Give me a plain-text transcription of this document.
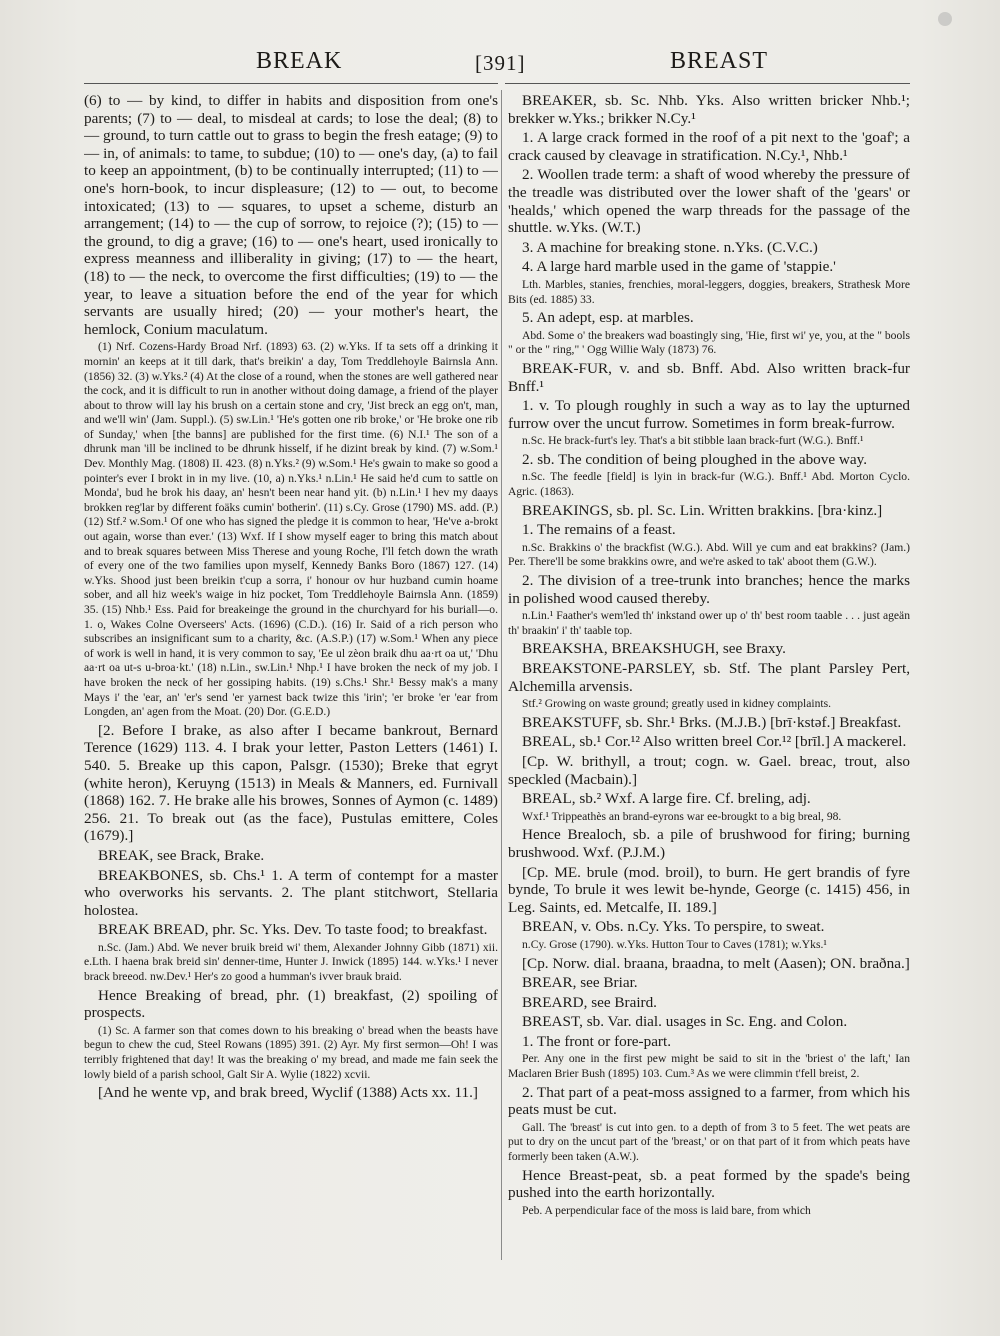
BREAK	[391]	BREAST

(6) to — by kind, to differ in habits and disposition from one's parents; (7) to — deal, to misdeal at cards; to lose the deal; (8) to — ground, to turn cattle out to grass to begin the fresh eatage; (9) to — in, of animals: to tame, to subdue; (10) to — one's day, (a) to fail to keep an appointment, (b) to be continually interrupted; (11) to — one's horn-book, to incur displeasure; (12) to — out, to become intoxicated; (13) to — squares, to upset a scheme, disturb an arrangement; (14) to — the cup of sorrow, to rejoice (?); (15) to — the ground, to dig a grave; (16) to — one's heart, used ironically to express meanness and illiberality in giving; (17) to — the heart, (18) to — the neck, to overcome the first difficulties; (19) to — the year, to leave a situation before the end of the year for which servants are usually hired; (20) — your mother's heart, the hemlock, Conium maculatum.

(1) Nrf. Cozens-Hardy Broad Nrf. (1893) 63. (2) w.Yks. If ta sets off a drinking it mornin' an keeps at it till dark, that's breikin' a day, Tom Treddlehoyle Bairnsla Ann. (1856) 32. (3) w.Yks.² (4) At the close of a round, when the stones are well gathered near the cock, and it is difficult to run in another without doing damage, a friend of the player about to throw will lay his brush on a certain stone and cry, 'Jist breck an egg on't, man, and we'll win' (Jam. Suppl.). (5) sw.Lin.¹ 'He's gotten one rib broke,' or 'He broke one rib of Sunday,' when [the banns] are published for the first time. (6) N.I.¹ The son of a dhrunk man 'ill be inclined to be dhrunk hisself, if he dizint break by kind. (7) w.Som.¹ Dev. Monthly Mag. (1808) II. 423. (8) n.Yks.² (9) w.Som.¹ He's gwain to make so good a pointer's ever I brokt in in my live. (10, a) n.Yks.¹ n.Lin.¹ He said he'd cum to sattle on Monda', bud he brok his daay, an' hesn't been near hand yit. (b) n.Lin.¹ I hev my daays brokken reg'lar by different foäks cumin' botherin'. (11) s.Cy. Grose (1790) MS. add. (P.) (12) Stf.² w.Som.¹ Of one who has signed the pledge it is common to hear, 'He've a-brokt out again, worse than ever.' (13) Wxf. If I show myself eager to bring this match about and to break squares between Miss Therese and young Roche, I'll fetch down the wrath of every one of the two families upon myself, Kennedy Banks Boro (1867) 127. (14) w.Yks. Shood just been breikin t'cup a sorra, i' honour ov hur huzband cumin hoame sober, and all hiz week's waige in hiz pocket, Tom Treddlehoyle Bairnsla Ann. (1859) 35. (15) Nhb.¹ Ess. Paid for breakeinge the ground in the churchyard for his buriall—o. 1. o, Wakes Colne Overseers' Acts. (1696) (C.D.). (16) Ir. Said of a rich person who subscribes an insignificant sum to a charity, &c. (A.S.P.) (17) w.Som.¹ When any piece of work is well in hand, it is very common to say, 'Ee ul zèon braik dhu aa·rt oa ut,' 'Dhu aa·rt oa ut-s u-broa·kt.' (18) n.Lin., sw.Lin.¹ Nhp.¹ I have broken the neck of my job. I have broken the neck of her gossiping habits. (19) s.Chs.¹ Shr.¹ Bessy mak's a many Mays i' the 'ear, an' 'er's send 'er yarnest back twize this 'irin'; 'er broke 'er 'ear from Longden, an' agen from the Moat. (20) Dor. (G.E.D.)

[2. Before I brake, as also after I became bankrout, Bernard Terence (1629) 113. 4. I brak your letter, Paston Letters (1461) I. 540. 5. Breake up this capon, Palsgr. (1530); Breke that egryt (white heron), Keruyng (1513) in Meals & Manners, ed. Furnivall (1868) 162. 7. He brake alle his browes, Sonnes of Aymon (c. 1489) 256. 21. To break out (as the face), Pustulas emittere, Coles (1679).]

BREAK, see Brack, Brake.

BREAKBONES, sb. Chs.¹ 1. A term of contempt for a master who overworks his servants. 2. The plant stitchwort, Stellaria holostea.

BREAK BREAD, phr. Sc. Yks. Dev. To taste food; to breakfast.

n.Sc. (Jam.) Abd. We never bruik breid wi' them, Alexander Johnny Gibb (1871) xii. e.Lth. I haena brak breid sin' denner-time, Hunter J. Inwick (1895) 144. w.Yks.¹ I never brack breeod. nw.Dev.¹ Her's zo good a humman's ivver brauk braid.

Hence Breaking of bread, phr. (1) breakfast, (2) spoiling of prospects.

(1) Sc. A farmer son that comes down to his breaking o' bread when the beasts have begun to chew the cud, Steel Rowans (1895) 391. (2) Ayr. My first sermon—Oh! I was terribly frightened that day! It was the breaking o' my bread, and made me fain seek the lowly bield of a parish school, Galt Sir A. Wylie (1822) xcvii.

[And he wente vp, and brak breed, Wyclif (1388) Acts xx. 11.]

BREAKER, sb. Sc. Nhb. Yks. Also written bricker Nhb.¹; brekker w.Yks.; brikker N.Cy.¹

1. A large crack formed in the roof of a pit next to the 'goaf'; a crack caused by cleavage in stratification. N.Cy.¹, Nhb.¹

2. Woollen trade term: a shaft of wood whereby the pressure of the treadle was distributed over the lower shaft of the 'gears' or 'healds,' which opened the warp threads for the passage of the shuttle. w.Yks. (W.T.)

3. A machine for breaking stone. n.Yks. (C.V.C.)

4. A large hard marble used in the game of 'stappie.'

Lth. Marbles, stanies, frenchies, moral-leggers, doggies, breakers, Strathesk More Bits (ed. 1885) 33.

5. An adept, esp. at marbles.

Abd. Some o' the breakers wad boastingly sing, 'Hie, first wi' ye, you, at the " bools " or the " ring," ' Ogg Willie Waly (1873) 76.

BREAK-FUR, v. and sb. Bnff. Abd. Also written brack-fur Bnff.¹

1. v. To plough roughly in such a way as to lay the upturned furrow over the uncut furrow. Sometimes in form break-furrow.

n.Sc. He brack-furt's ley. That's a bit stibble laan brack-furt (W.G.). Bnff.¹

2. sb. The condition of being ploughed in the above way.

n.Sc. The feedle [field] is lyin in brack-fur (W.G.). Bnff.¹ Abd. Morton Cyclo. Agric. (1863).

BREAKINGS, sb. pl. Sc. Lin. Written brakkins. [bra·kinz.]

1. The remains of a feast.

n.Sc. Brakkins o' the brackfist (W.G.). Abd. Will ye cum and eat brakkins? (Jam.) Per. There'll be some brakkins owre, and we're asked to tak' aboot them (G.W.).

2. The division of a tree-trunk into branches; hence the marks in polished wood caused thereby.

n.Lin.¹ Faather's wem'led th' inkstand ower up o' th' best room taable . . . just ageän th' braakin' i' th' taable top.

BREAKSHA, BREAKSHUGH, see Braxy.

BREAKSTONE-PARSLEY, sb. Stf. The plant Parsley Pert, Alchemilla arvensis.

Stf.² Growing on waste ground; greatly used in kidney complaints.

BREAKSTUFF, sb. Shr.¹ Brks. (M.J.B.) [brī·kstəf.] Breakfast.

BREAL, sb.¹ Cor.¹² Also written breel Cor.¹² [brīl.] A mackerel.

[Cp. W. brithyll, a trout; cogn. w. Gael. breac, trout, also speckled (Macbain).]

BREAL, sb.² Wxf. A large fire. Cf. breling, adj.

Wxf.¹ Trippeathès an brand-eyrons war ee-brougkt to a big breal, 98.

Hence Brealoch, sb. a pile of brushwood for firing; burning brushwood. Wxf. (P.J.M.)

[Cp. ME. brule (mod. broil), to burn. He gert brandis of fyre bynde, To brule it wes lewit be-hynde, George (c. 1415) 456, in Leg. Saints, ed. Metcalfe, II. 189.]

BREAN, v. Obs. n.Cy. Yks. To perspire, to sweat.

n.Cy. Grose (1790). w.Yks. Hutton Tour to Caves (1781); w.Yks.¹

[Cp. Norw. dial. braana, braadna, to melt (Aasen); ON. braðna.]

BREAR, see Briar.

BREARD, see Braird.

BREAST, sb. Var. dial. usages in Sc. Eng. and Colon.

1. The front or fore-part.

Per. Any one in the first pew might be said to sit in the 'briest o' the laft,' Ian Maclaren Brier Bush (1895) 103. Cum.³ As we were climmin t'fell breist, 2.

2. That part of a peat-moss assigned to a farmer, from which his peats must be cut.

Gall. The 'breast' is cut into gen. to a depth of from 3 to 5 feet. The wet peats are put to dry on the uncut part of the 'breast,' or on that part of it from which peats have formerly been taken (A.W.).

Hence Breast-peat, sb. a peat formed by the spade's being pushed into the earth horizontally.

Peb. A perpendicular face of the moss is laid bare, from which
